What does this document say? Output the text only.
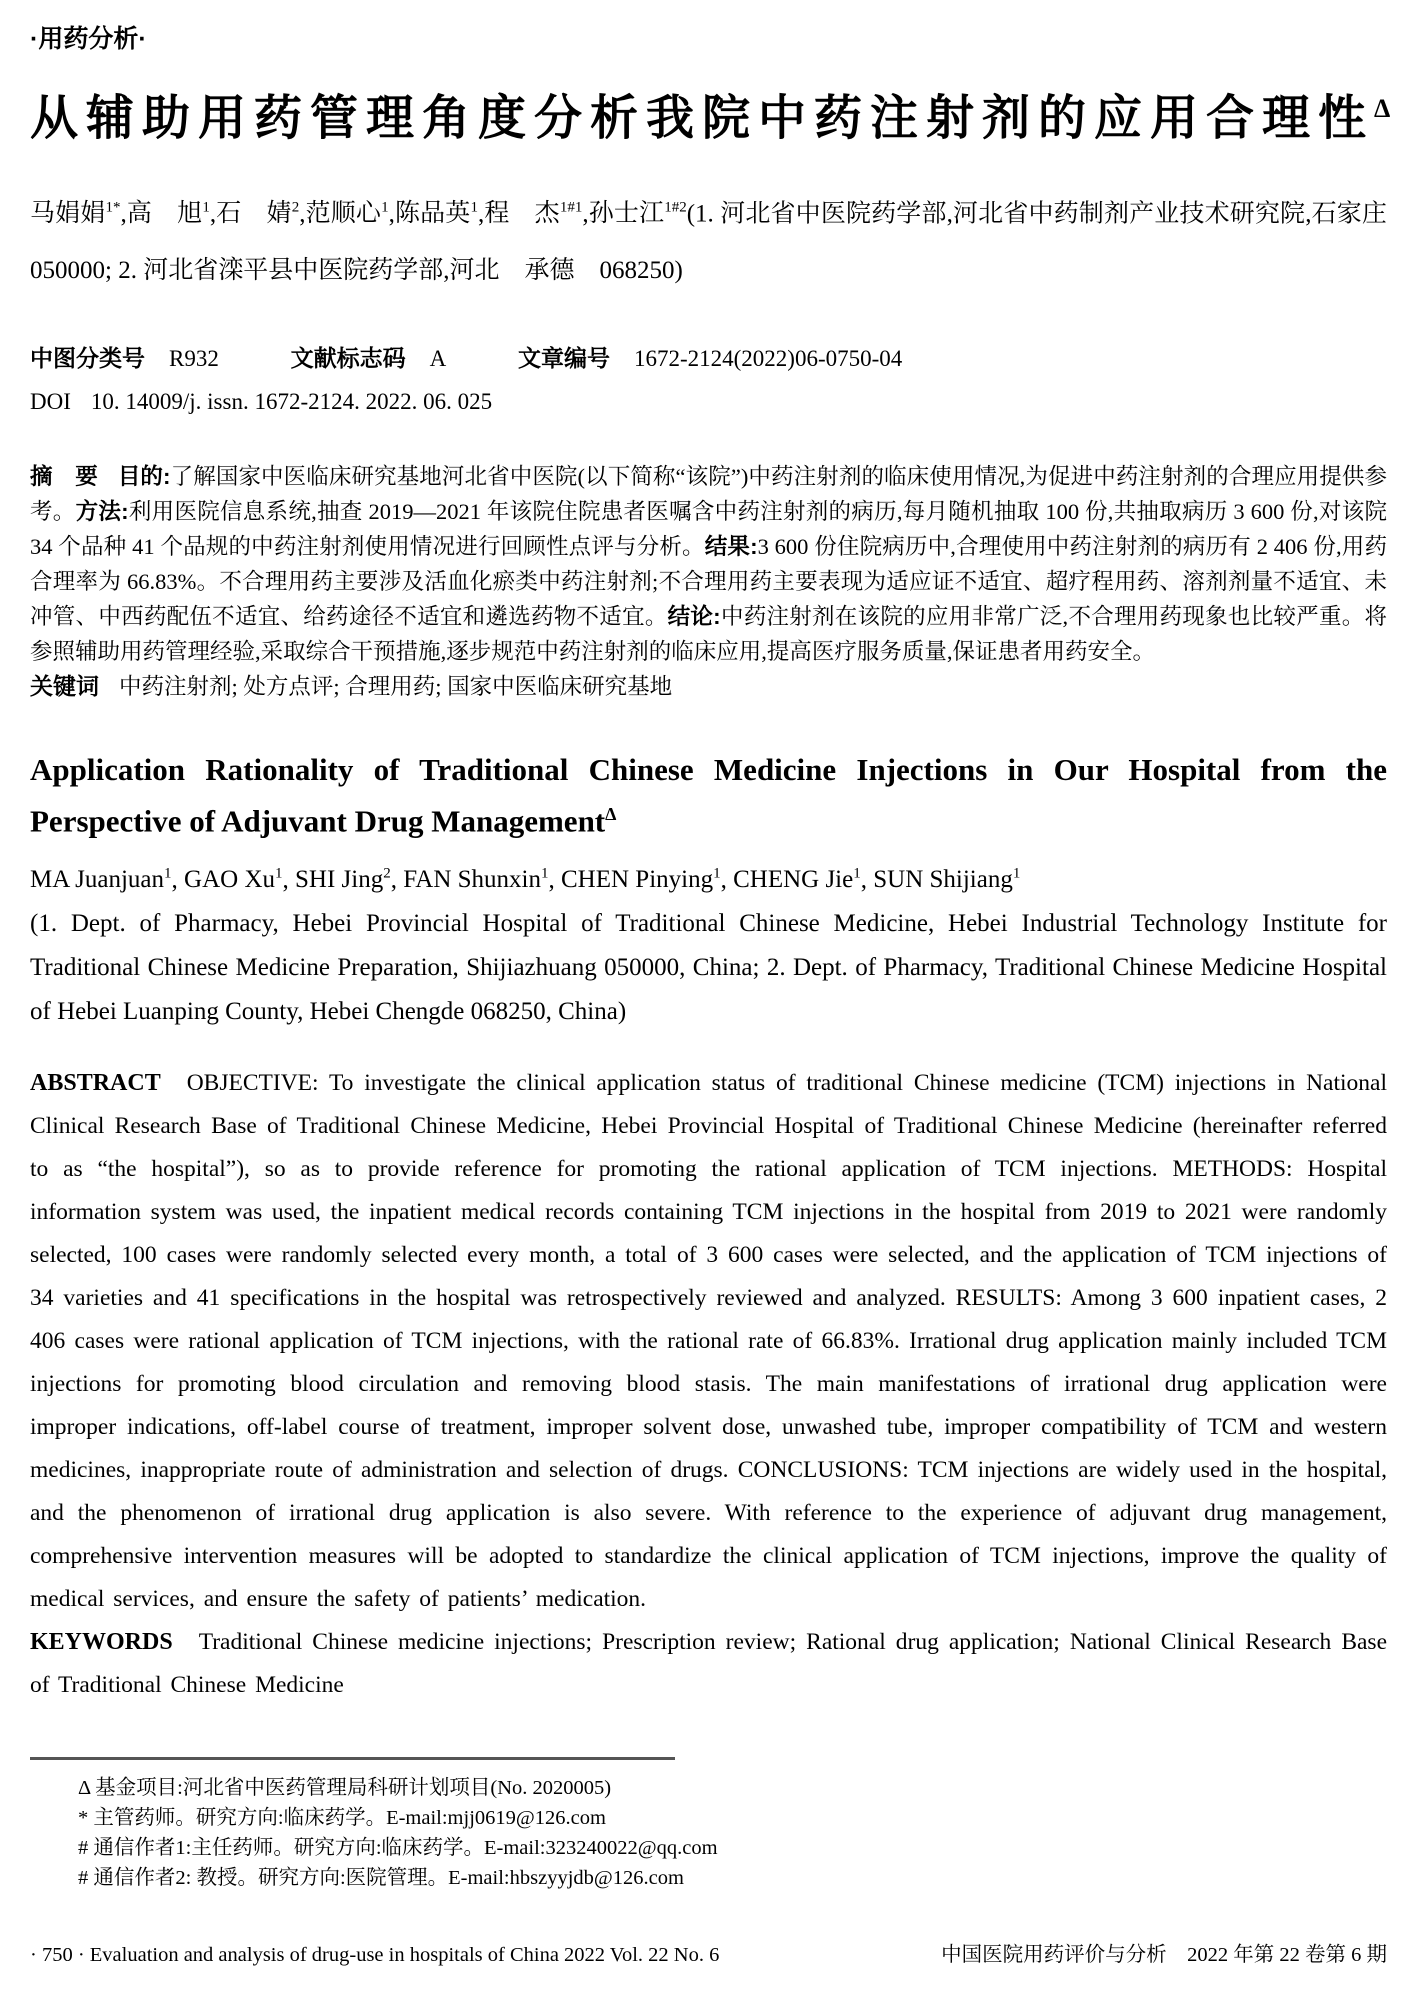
·用药分析·
从辅助用药管理角度分析我院中药注射剂的应用合理性$^\Delta$

马娟娟$^{1*}$,高　旭$^1$,石　婧$^2$,范顺心$^1$,陈品英$^1$,程　杰$^{1\#1}$,孙士江$^{1\#2}$(1. 河北省中医院药学部,河北省中药制剂产业技术研究院,石家庄　050000; 2. 河北省滦平县中医院药学部,河北　承德　068250)

中图分类号 R932	文献标志码 A	文章编号 1672-2124(2022)06-0750-04
DOI 10. 14009/j. issn. 1672-2124. 2022. 06. 025

摘　要 目的:了解国家中医临床研究基地河北省中医院(以下简称“该院”)中药注射剂的临床使用情况,为促进中药注射剂的合理应用提供参考。方法:利用医院信息系统,抽查 2019—2021 年该院住院患者医嘱含中药注射剂的病历,每月随机抽取 100 份,共抽取病历 3 600 份,对该院 34 个品种 41 个品规的中药注射剂使用情况进行回顾性点评与分析。结果:3 600 份住院病历中,合理使用中药注射剂的病历有 2 406 份,用药合理率为 66.83%。不合理用药主要涉及活血化瘀类中药注射剂;不合理用药主要表现为适应证不适宜、超疗程用药、溶剂剂量不适宜、未冲管、中西药配伍不适宜、给药途径不适宜和遴选药物不适宜。结论:中药注射剂在该院的应用非常广泛,不合理用药现象也比较严重。将参照辅助用药管理经验,采取综合干预措施,逐步规范中药注射剂的临床应用,提高医疗服务质量,保证患者用药安全。

关键词 中药注射剂; 处方点评; 合理用药; 国家中医临床研究基地

Application Rationality of Traditional Chinese Medicine Injections in Our Hospital from the Perspective of Adjuvant Drug Management$^\Delta$

MA Juanjuan$^1$, GAO Xu$^1$, SHI Jing$^2$, FAN Shunxin$^1$, CHEN Pinying$^1$, CHENG Jie$^1$, SUN Shijiang$^1$
(1. Dept. of Pharmacy, Hebei Provincial Hospital of Traditional Chinese Medicine, Hebei Industrial Technology Institute for Traditional Chinese Medicine Preparation, Shijiazhuang 050000, China; 2. Dept. of Pharmacy, Traditional Chinese Medicine Hospital of Hebei Luanping County, Hebei Chengde 068250, China)

ABSTRACT OBJECTIVE: To investigate the clinical application status of traditional Chinese medicine (TCM) injections in National Clinical Research Base of Traditional Chinese Medicine, Hebei Provincial Hospital of Traditional Chinese Medicine (hereinafter referred to as “the hospital”), so as to provide reference for promoting the rational application of TCM injections. METHODS: Hospital information system was used, the inpatient medical records containing TCM injections in the hospital from 2019 to 2021 were randomly selected, 100 cases were randomly selected every month, a total of 3 600 cases were selected, and the application of TCM injections of 34 varieties and 41 specifications in the hospital was retrospectively reviewed and analyzed. RESULTS: Among 3 600 inpatient cases, 2 406 cases were rational application of TCM injections, with the rational rate of 66.83%. Irrational drug application mainly included TCM injections for promoting blood circulation and removing blood stasis. The main manifestations of irrational drug application were improper indications, off-label course of treatment, improper solvent dose, unwashed tube, improper compatibility of TCM and western medicines, inappropriate route of administration and selection of drugs. CONCLUSIONS: TCM injections are widely used in the hospital, and the phenomenon of irrational drug application is also severe. With reference to the experience of adjuvant drug management, comprehensive intervention measures will be adopted to standardize the clinical application of TCM injections, improve the quality of medical services, and ensure the safety of patients’ medication.

KEYWORDS Traditional Chinese medicine injections; Prescription review; Rational drug application; National Clinical Research Base of Traditional Chinese Medicine

Δ 基金项目:河北省中医药管理局科研计划项目(No. 2020005)
* 主管药师。研究方向:临床药学。E-mail:mjj0619@126.com
# 通信作者1:主任药师。研究方向:临床药学。E-mail:323240022@qq.com
# 通信作者2: 教授。研究方向:医院管理。E-mail:hbszyyjdb@126.com
· 750 · Evaluation and analysis of drug-use in hospitals of China 2022 Vol. 22 No. 6	中国医院用药评价与分析　2022 年第 22 卷第 6 期
